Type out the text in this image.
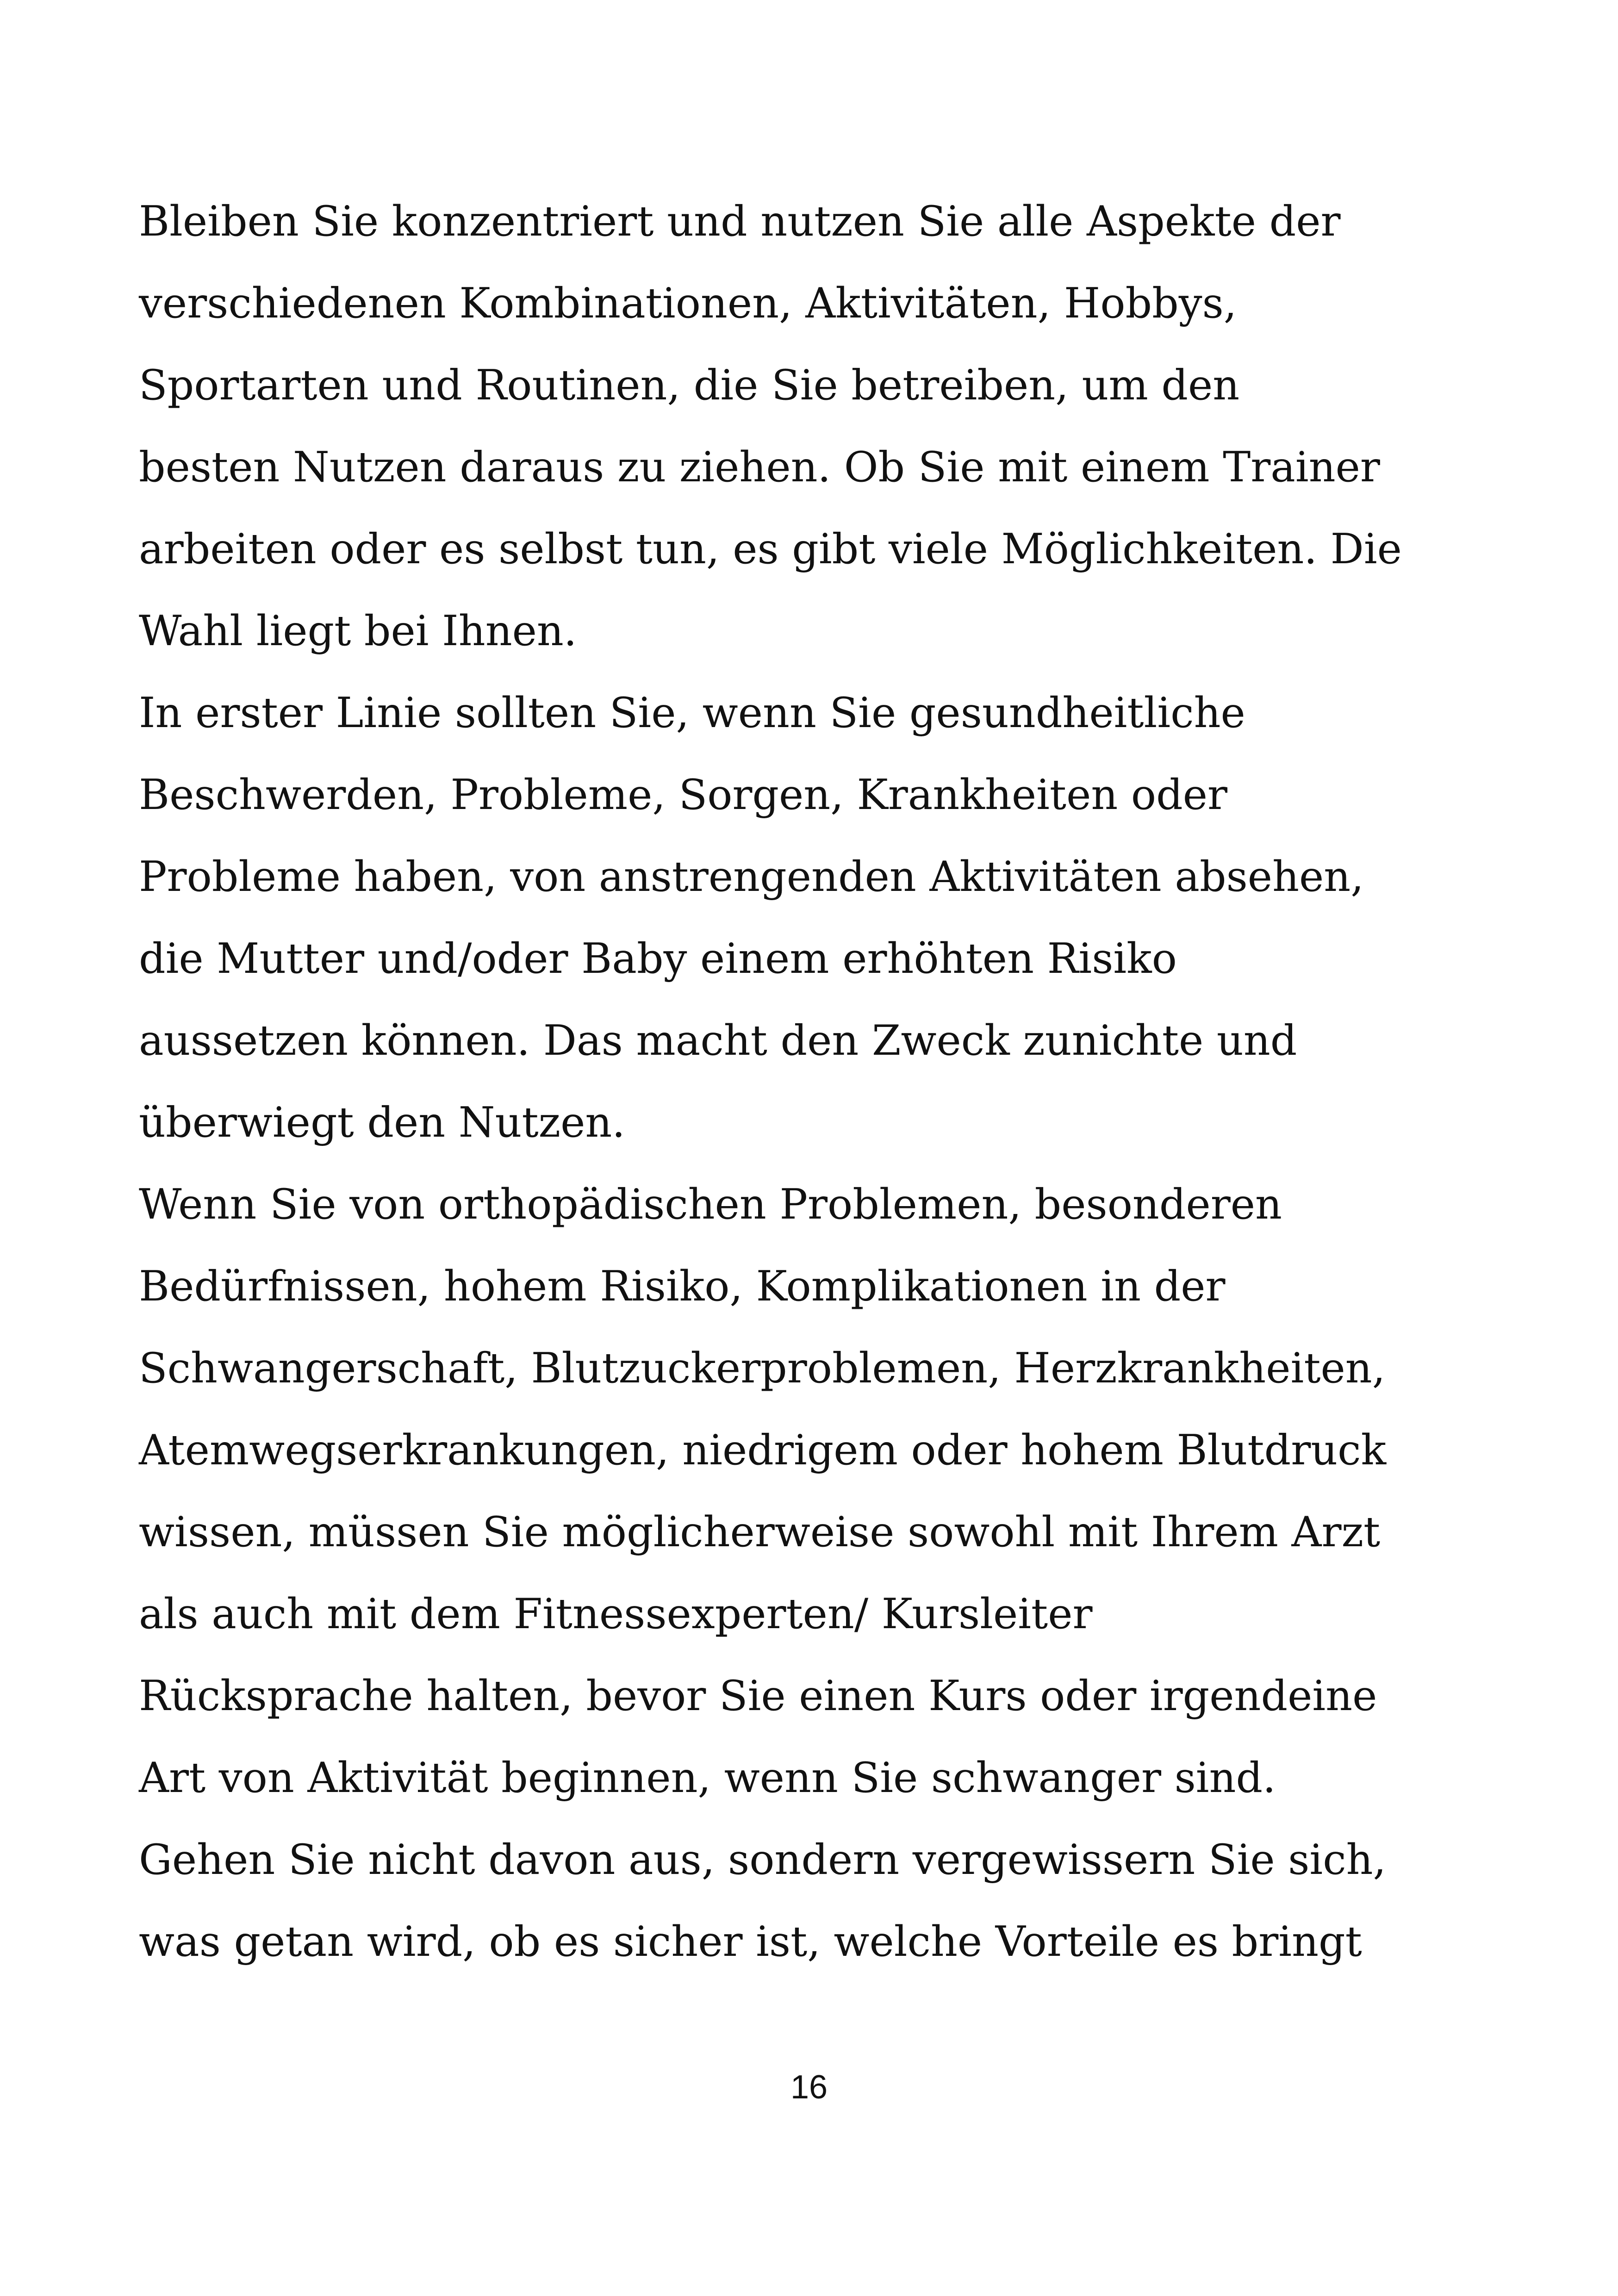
Bleiben Sie konzentriert und nutzen Sie alle Aspekte der
verschiedenen Kombinationen, Aktivitäten, Hobbys,
Sportarten und Routinen, die Sie betreiben, um den
besten Nutzen daraus zu ziehen. Ob Sie mit einem Trainer
arbeiten oder es selbst tun, es gibt viele Möglichkeiten. Die
Wahl liegt bei Ihnen.
In erster Linie sollten Sie, wenn Sie gesundheitliche
Beschwerden, Probleme, Sorgen, Krankheiten oder
Probleme haben, von anstrengenden Aktivitäten absehen,
die Mutter und/oder Baby einem erhöhten Risiko
aussetzen können. Das macht den Zweck zunichte und
überwiegt den Nutzen.
Wenn Sie von orthopädischen Problemen, besonderen
Bedürfnissen, hohem Risiko, Komplikationen in der
Schwangerschaft, Blutzuckerproblemen, Herzkrankheiten,
Atemwegserkrankungen, niedrigem oder hohem Blutdruck
wissen, müssen Sie möglicherweise sowohl mit Ihrem Arzt
als auch mit dem Fitnessexperten/ Kursleiter
Rücksprache halten, bevor Sie einen Kurs oder irgendeine
Art von Aktivität beginnen, wenn Sie schwanger sind.
Gehen Sie nicht davon aus, sondern vergewissern Sie sich,
was getan wird, ob es sicher ist, welche Vorteile es bringt
16
